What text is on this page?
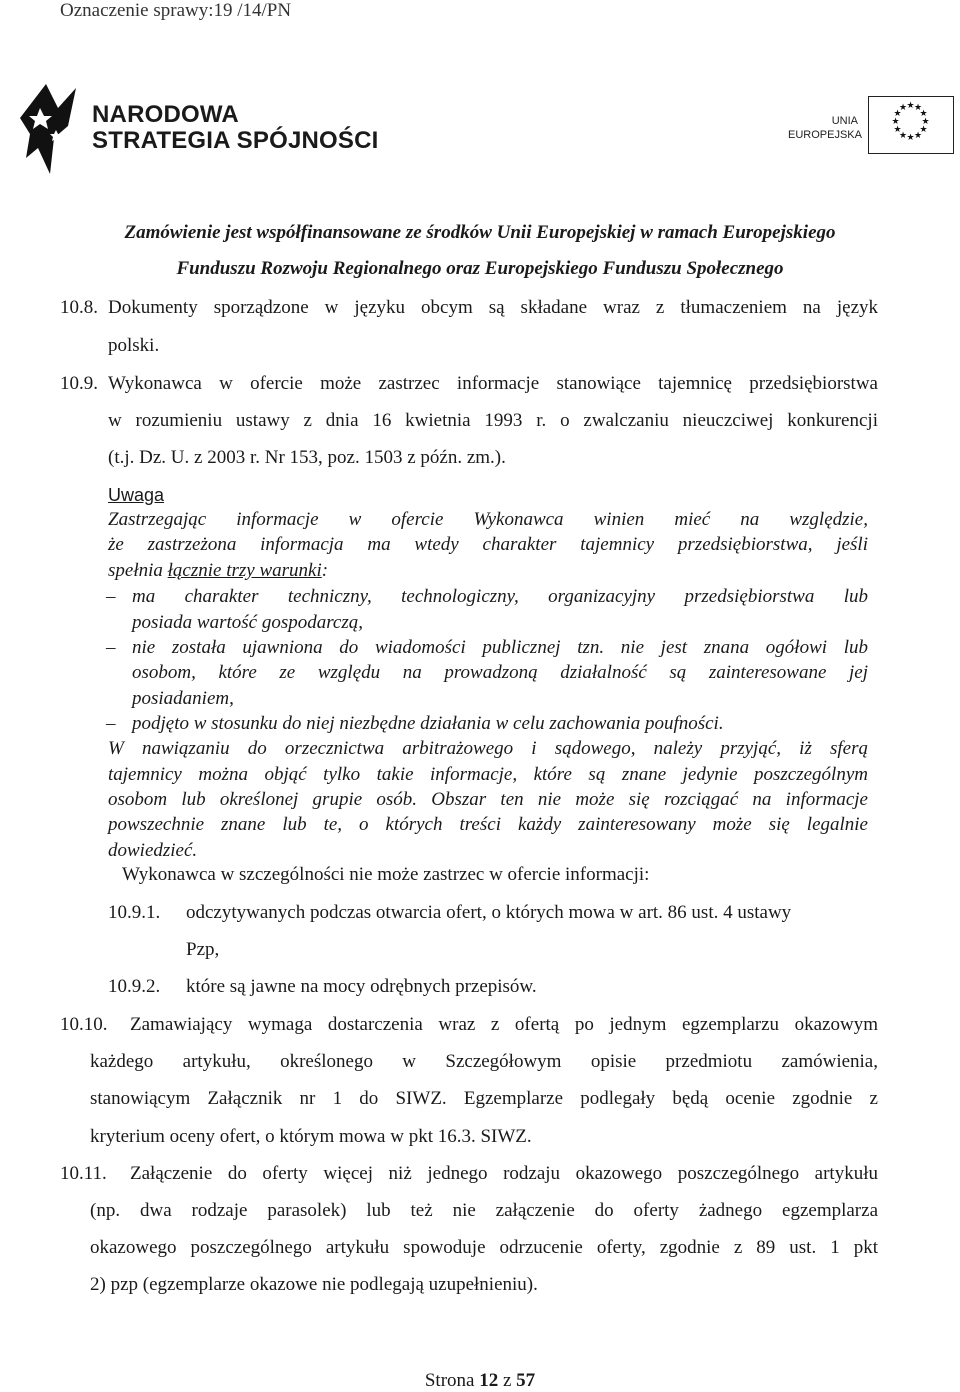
Oznaczenie sprawy:19 /14/PN
NARODOWA
STRATEGIA SPÓJNOŚCI
UNIA
EUROPEJSKA
★ ★
★
★
★
★
★
★
★
★
★
★
Zamówienie jest współfinansowane ze środków Unii Europejskiej w ramach Europejskiego
Funduszu Rozwoju Regionalnego oraz Europejskiego Funduszu Społecznego
10.8. Dokumenty sporządzone w języku obcym są składane wraz z tłumaczeniem na język
polski.
10.9. Wykonawca w ofercie może zastrzec informacje stanowiące tajemnicę przedsiębiorstwa
w rozumieniu ustawy z dnia 16 kwietnia 1993 r. o zwalczaniu nieuczciwej konkurencji
(t.j. Dz. U. z 2003 r. Nr 153, poz. 1503 z późn. zm.).
Uwaga
Zastrzegając informacje w ofercie Wykonawca winien mieć na względzie,
że zastrzeżona informacja ma wtedy charakter tajemnicy przedsiębiorstwa, jeśli
spełnia łącznie trzy warunki:
– ma charakter techniczny, technologiczny, organizacyjny przedsiębiorstwa lub
posiada wartość gospodarczą,
– nie została ujawniona do wiadomości publicznej tzn. nie jest znana ogółowi lub
osobom, które ze względu na prowadzoną działalność są zainteresowane jej
posiadaniem,
– podjęto w stosunku do niej niezbędne działania w celu zachowania poufności.
W nawiązaniu do orzecznictwa arbitrażowego i sądowego, należy przyjąć, iż sferą
tajemnicy można objąć tylko takie informacje, które są znane jedynie poszczególnym
osobom lub określonej grupie osób. Obszar ten nie może się rozciągać na informacje
powszechnie znane lub te, o których treści każdy zainteresowany może się legalnie
dowiedzieć.
Wykonawca w szczególności nie może zastrzec w ofercie informacji:
10.9.1. odczytywanych podczas otwarcia ofert, o których mowa w art. 86 ust. 4 ustawy
Pzp,
10.9.2. które są jawne na mocy odrębnych przepisów.
10.10. Zamawiający wymaga dostarczenia wraz z ofertą po jednym egzemplarzu okazowym
każdego artykułu, określonego w Szczegółowym opisie przedmiotu zamówienia,
stanowiącym Załącznik nr 1 do SIWZ. Egzemplarze podlegały będą ocenie zgodnie z
kryterium oceny ofert, o którym mowa w pkt 16.3. SIWZ.
10.11. Załączenie do oferty więcej niż jednego rodzaju okazowego poszczególnego artykułu
(np. dwa rodzaje parasolek) lub też nie załączenie do oferty żadnego egzemplarza
okazowego poszczególnego artykułu spowoduje odrzucenie oferty, zgodnie z 89 ust. 1 pkt
2) pzp (egzemplarze okazowe nie podlegają uzupełnieniu).
Strona 12 z 57
